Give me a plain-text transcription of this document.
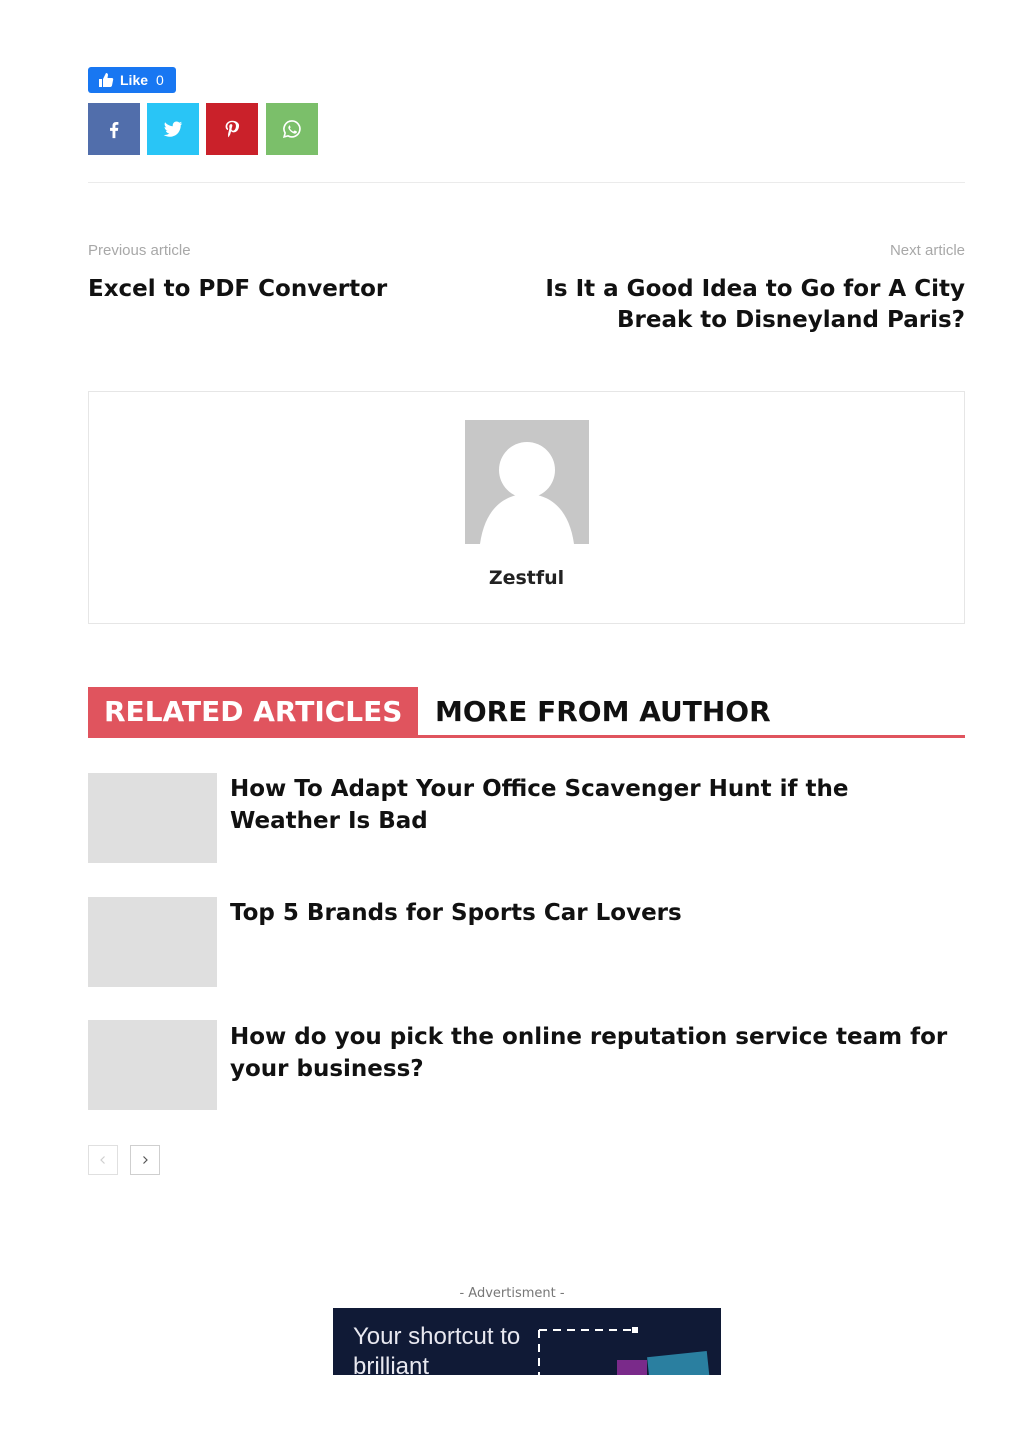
Like 0
Previous article	Next article
Excel to PDF Convertor	Is It a Good Idea to Go for A City Break to Disneyland Paris?
Zestful
RELATED ARTICLES	MORE FROM AUTHOR
How To Adapt Your Office Scavenger Hunt if the Weather Is Bad
Top 5 Brands for Sports Car Lovers
How do you pick the online reputation service team for your business?
- Advertisment -
Your shortcut to brilliant
